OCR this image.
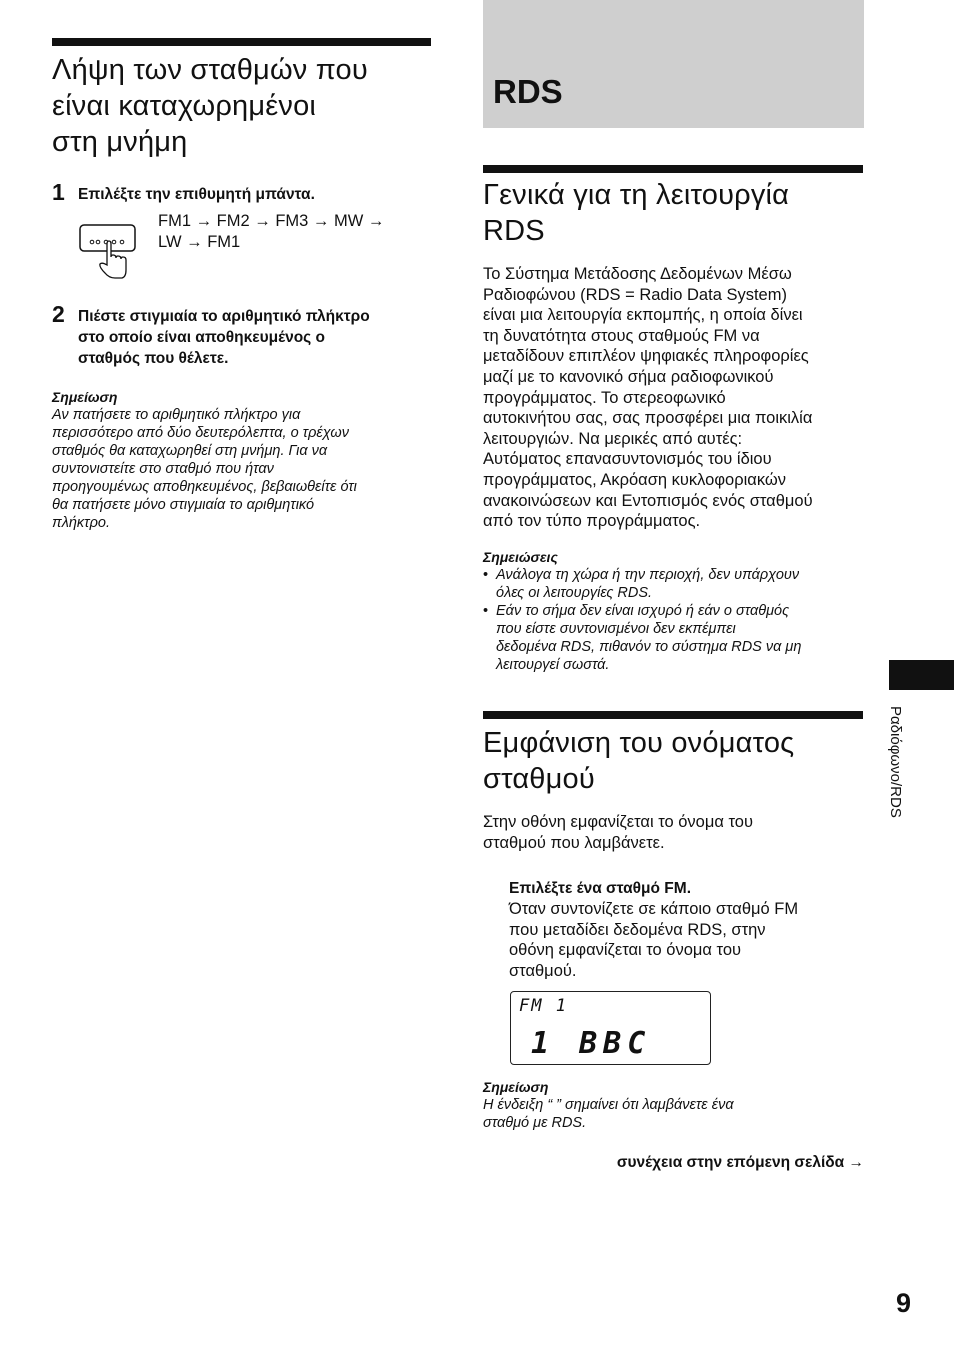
Λήψη των σταθμών που
είναι καταχωρημένοι
στη μνήμη
1 Επιλέξτε την επιθυμητή μπάντα.
FM1 → FM2 → FM3 → MW →
LW → FM1
2 Πιέστε στιγμιαία το αριθμητικό πλήκτρο
στο οποίο είναι αποθηκευμένος ο
σταθμός που θέλετε.
Σημείωση
Αν πατήσετε το αριθμητικό πλήκτρο για
περισσότερο από δύο δευτερόλεπτα, ο τρέχων
σταθμός θα καταχωρηθεί στη μνήμη. Για να
συντονιστείτε στο σταθμό που ήταν
προηγουμένως αποθηκευμένος, βεβαιωθείτε ότι
θα πατήσετε μόνο στιγμιαία το αριθμητικό
πλήκτρο.
RDS
Γενικά για τη λειτουργία
RDS
Το Σύστημα Μετάδοσης Δεδομένων Μέσω
Ραδιοφώνου (RDS = Radio Data System)
είναι μια λειτουργία εκπομπής, η οποία δίνει
τη δυνατότητα στους σταθμούς FM να
μεταδίδουν επιπλέον ψηφιακές πληροφορίες
μαζί με το κανονικό σήμα ραδιοφωνικού
προγράμματος. Το στερεοφωνικό
αυτοκινήτου σας, σας προσφέρει μια ποικιλία
λειτουργιών. Να μερικές από αυτές:
Αυτόματος επανασυντονισμός του ίδιου
προγράμματος, Ακρόαση κυκλοφοριακών
ανακοινώσεων και Εντοπισμός ενός σταθμού
από τον τύπο προγράμματος.
Σημειώσεις
• Ανάλογα τη χώρα ή την περιοχή, δεν υπάρχουν
όλες οι λειτουργίες RDS.
• Εάν το σήμα δεν είναι ισχυρό ή εάν ο σταθμός
που είστε συντονισμένοι δεν εκπέμπει
δεδομένα RDS, πιθανόν το σύστημα RDS να μη
λειτουργεί σωστά.
Εμφάνιση του ονόματος
σταθμού
Στην οθόνη εμφανίζεται το όνομα του
σταθμού που λαμβάνετε.
Επιλέξτε ένα σταθμό FM.
Όταν συντονίζετε σε κάποιο σταθμό FM
που μεταδίδει δεδομένα RDS, στην
οθόνη εμφανίζεται το όνομα του
σταθμού.
FM 1
1 BBC
Σημείωση
Η ένδειξη “ ” σημαίνει ότι λαμβάνετε ένα
σταθμό με RDS.
συνέχεια στην επόμενη σελίδα →
Ραδιόφωνο/RDS
9
